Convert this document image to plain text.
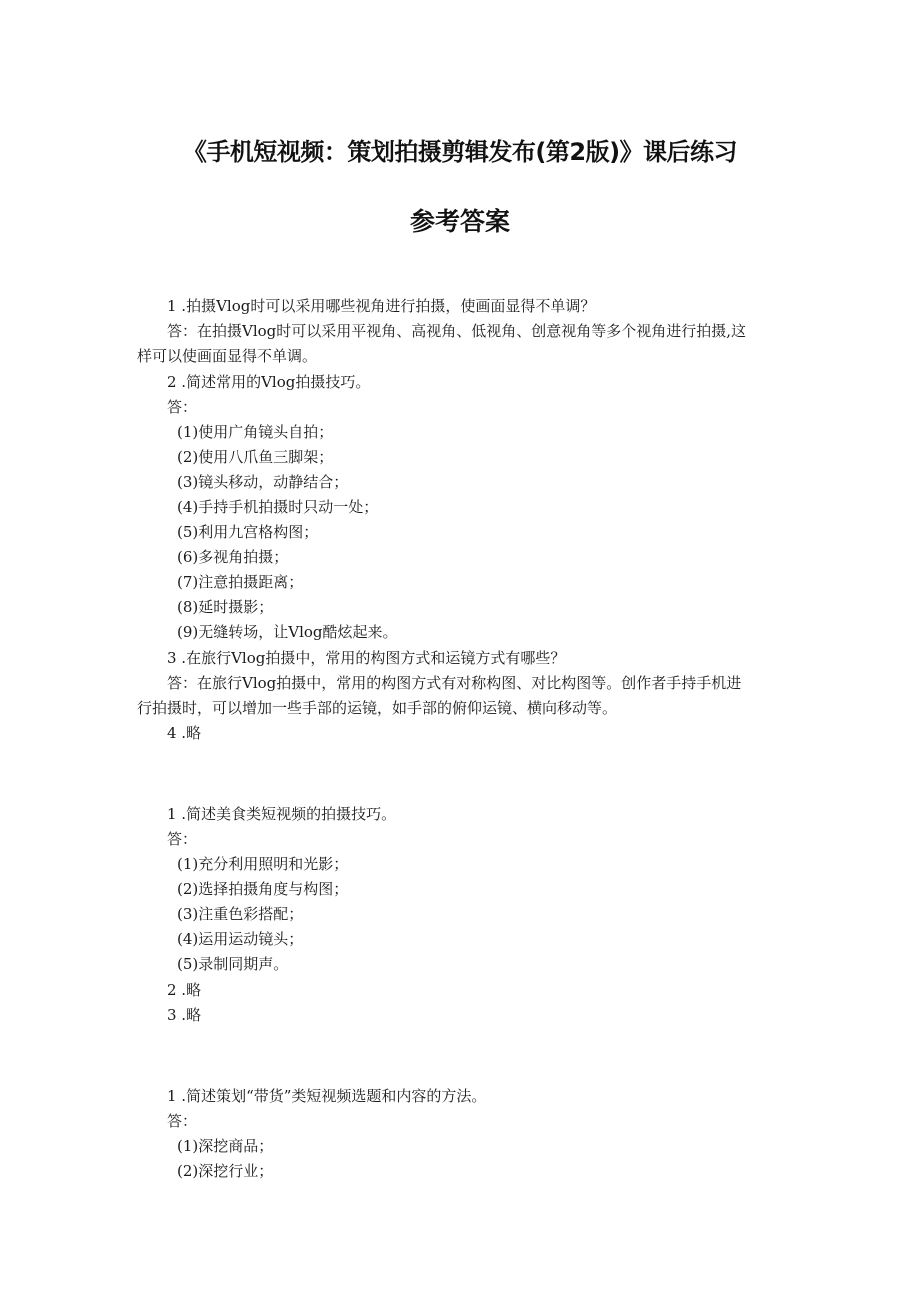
《手机短视频：策划拍摄剪辑发布(第2版)》课后练习
参考答案
1 .拍摄Vlog时可以采用哪些视角进行拍摄，使画面显得不单调？
答：在拍摄Vlog时可以采用平视角、高视角、低视角、创意视角等多个视角进行拍摄,这
样可以使画面显得不单调。
2 .简述常用的Vlog拍摄技巧。
答：
(1)使用广角镜头自拍；
(2)使用八爪鱼三脚架；
(3)镜头移动，动静结合；
(4)手持手机拍摄时只动一处；
(5)利用九宫格构图；
(6)多视角拍摄；
(7)注意拍摄距离；
(8)延时摄影；
(9)无缝转场，让Vlog酷炫起来。
3 .在旅行Vlog拍摄中，常用的构图方式和运镜方式有哪些？
答：在旅行Vlog拍摄中，常用的构图方式有对称构图、对比构图等。创作者手持手机进
行拍摄时，可以增加一些手部的运镜，如手部的俯仰运镜、横向移动等。
4 .略
1 .简述美食类短视频的拍摄技巧。
答：
(1)充分利用照明和光影；
(2)选择拍摄角度与构图；
(3)注重色彩搭配；
(4)运用运动镜头；
(5)录制同期声。
2 .略
3 .略
1 .简述策划“带货”类短视频选题和内容的方法。
答：
(1)深挖商品；
(2)深挖行业；
